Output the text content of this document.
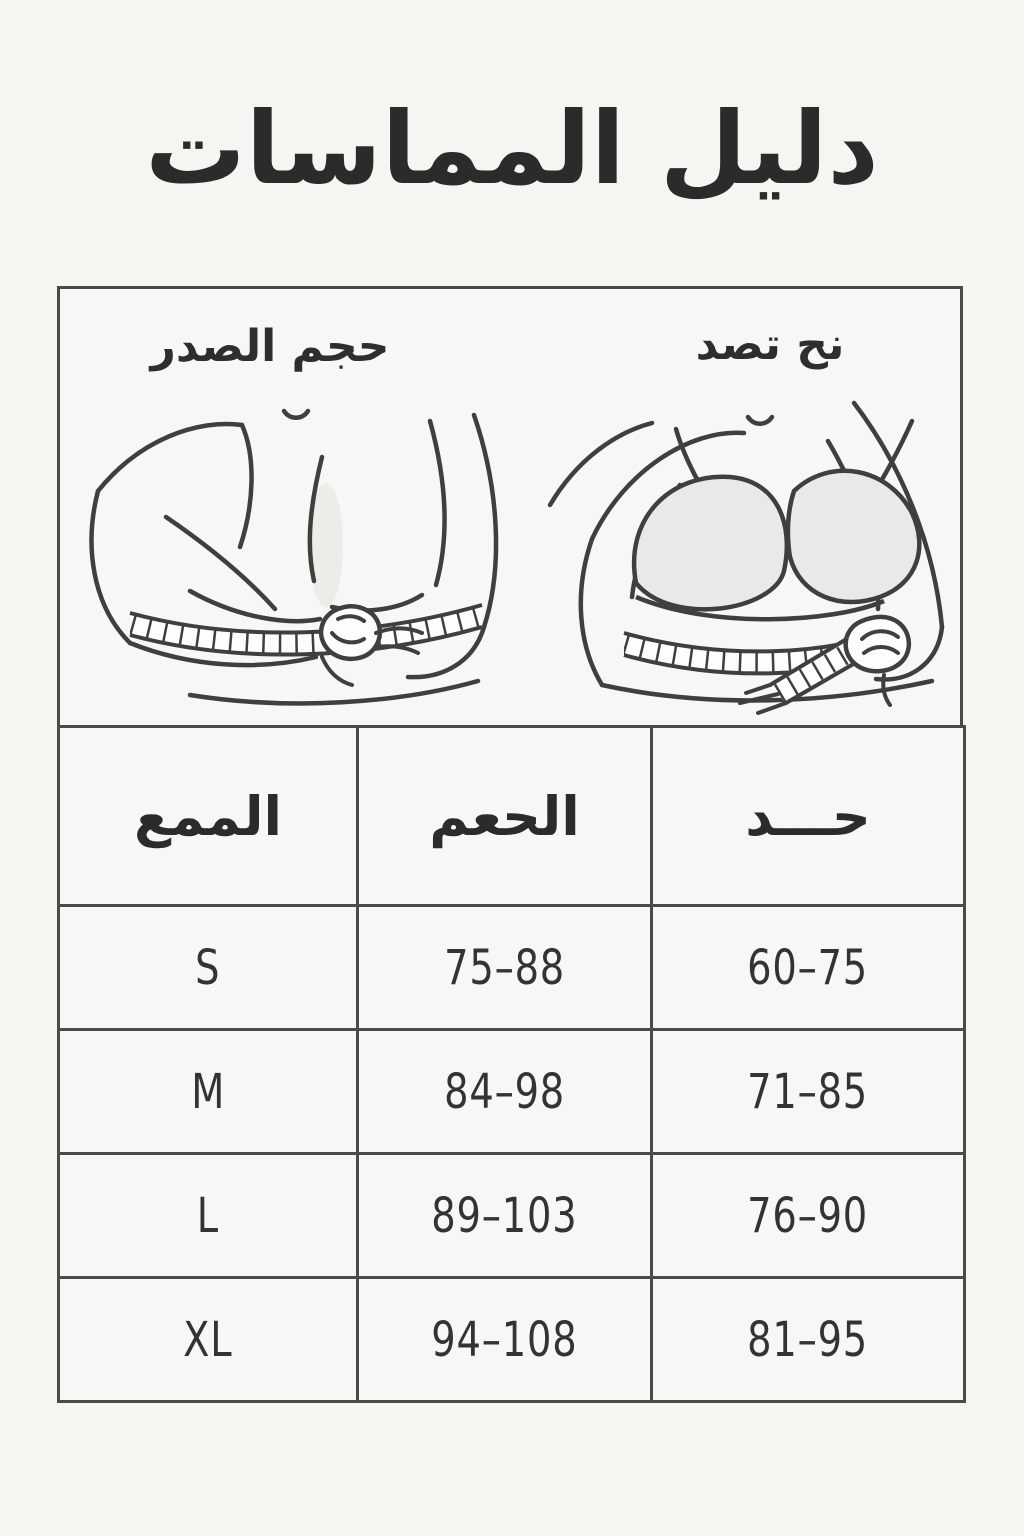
دليل المماسات
حجم الصدر	نح تصد
الممع	الحعم	حـــد
S	75–88	60–75
M	84–98	71–85
L	89–103	76–90
XL	94–108	81–95
